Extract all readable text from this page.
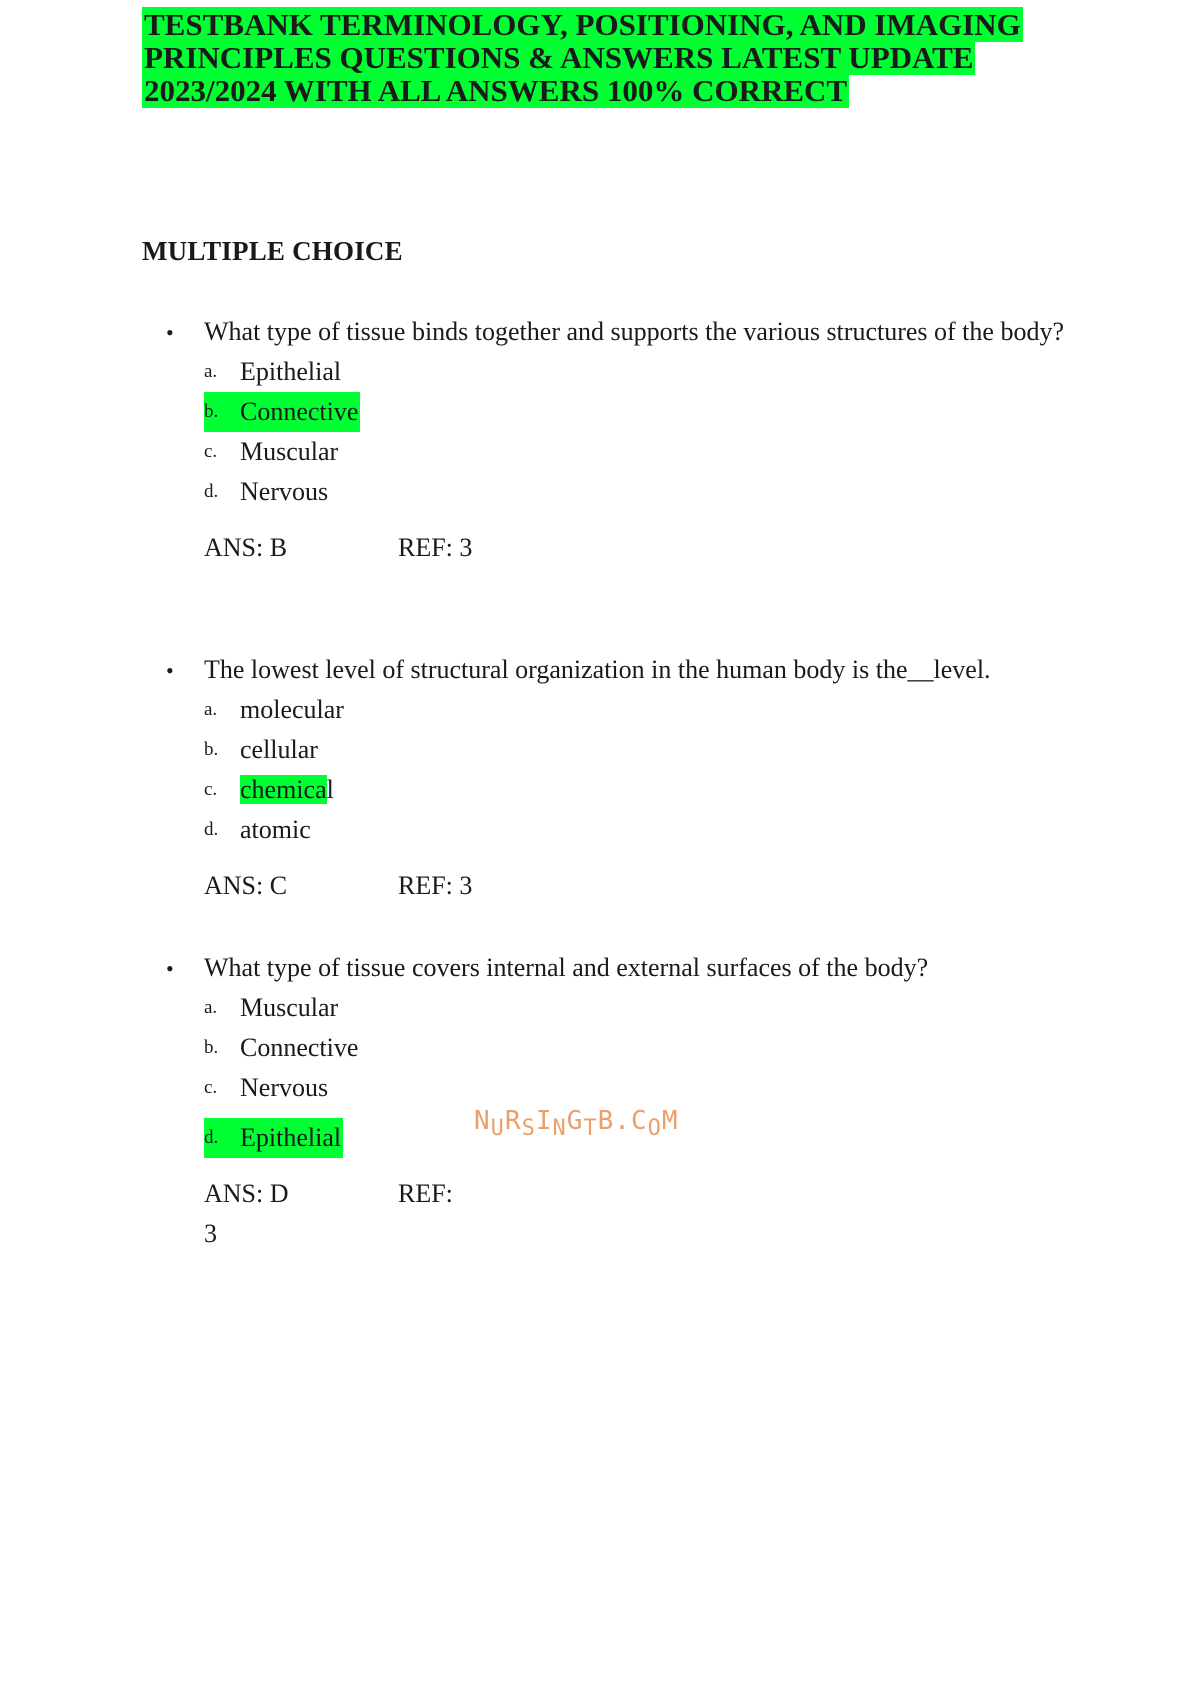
TESTBANK TERMINOLOGY, POSITIONING, AND IMAGING PRINCIPLES QUESTIONS & ANSWERS LATEST UPDATE 2023/2024 WITH ALL ANSWERS 100% CORRECT
MULTIPLE CHOICE
• What type of tissue binds together and supports the various structures of the body?
a. Epithelial
b. Connective
c. Muscular
d. Nervous
ANS: B	REF: 3
• The lowest level of structural organization in the human body is the__level.
a. molecular
b. cellular
c. chemical
d. atomic
ANS: C	REF: 3
• What type of tissue covers internal and external surfaces of the body?
a. Muscular
b. Connective
c. Nervous
d. Epithelial
ANS: D	REF:
3
$N_UR_SI_NG_TB.C_OM$
